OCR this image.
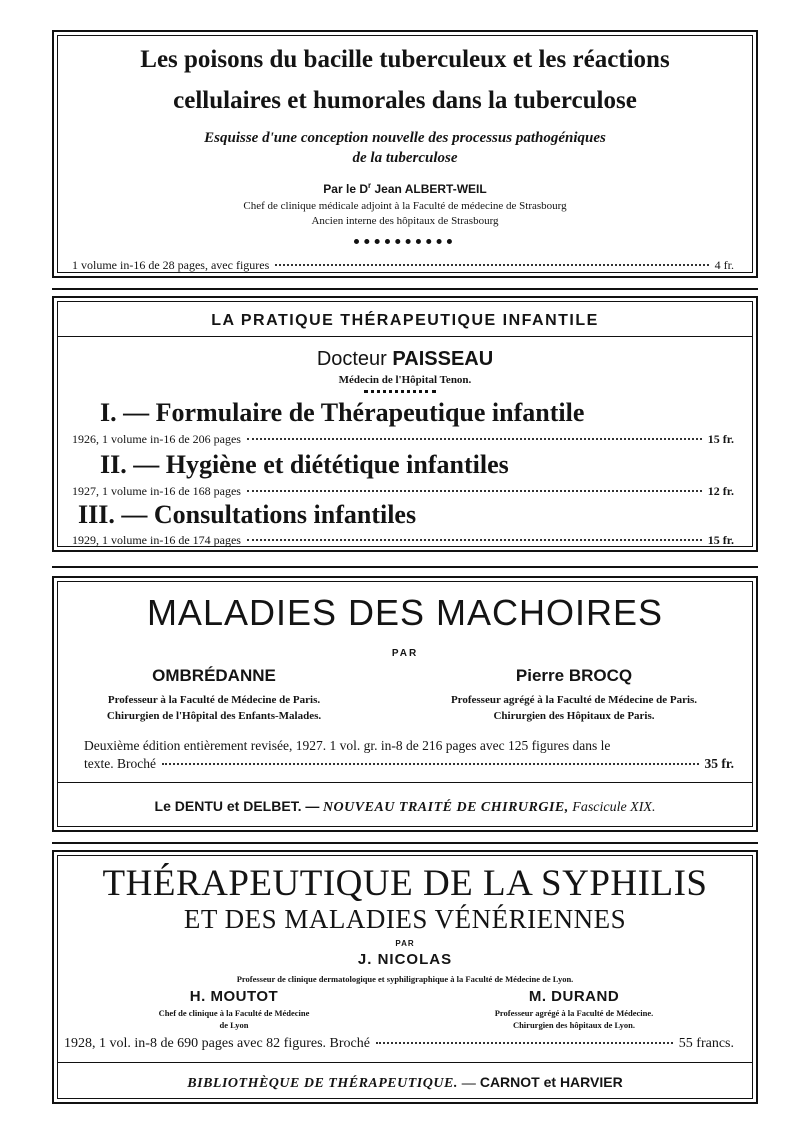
Les poisons du bacille tuberculeux et les réactions
cellulaires et humorales dans la tuberculose
Esquisse d'une conception nouvelle des processus pathogéniques
de la tuberculose
Par le $D^r$ Jean ALBERT-WEIL
Chef de clinique médicale adjoint à la Faculté de médecine de Strasbourg
Ancien interne des hôpitaux de Strasbourg
1 volume in-16 de 28 pages, avec figures	4 fr.
LA PRATIQUE THÉRAPEUTIQUE INFANTILE
Docteur PAISSEAU
Médecin de l'Hôpital Tenon.
I. — Formulaire de Thérapeutique infantile
1926, 1 volume in-16 de 206 pages	15 fr.
II. — Hygiène et diététique infantiles
1927, 1 volume in-16 de 168 pages	12 fr.
III. — Consultations infantiles
1929, 1 volume in-16 de 174 pages	15 fr.
MALADIES DES MACHOIRES
PAR
OMBRÉDANNE
Professeur à la Faculté de Médecine de Paris.
Chirurgien de l'Hôpital des Enfants-Malades.
Pierre BROCQ
Professeur agrégé à la Faculté de Médecine de Paris.
Chirurgien des Hôpitaux de Paris.
Deuxième édition entièrement revisée, 1927. 1 vol. gr. in-8 de 216 pages avec 125 figures dans le
texte. Broché	35 fr.
Le DENTU et DELBET. — NOUVEAU TRAITÉ DE CHIRURGIE, Fascicule XIX.
THÉRAPEUTIQUE DE LA SYPHILIS
ET DES MALADIES VÉNÉRIENNES
PAR
J. NICOLAS
Professeur de clinique dermatologique et syphiligraphique à la Faculté de Médecine de Lyon.
H. MOUTOT
Chef de clinique à la Faculté de Médecine
de Lyon
M. DURAND
Professeur agrégé à la Faculté de Médecine.
Chirurgien des hôpitaux de Lyon.
1928, 1 vol. in-8 de 690 pages avec 82 figures. Broché	55 francs.
BIBLIOTHÈQUE DE THÉRAPEUTIQUE. — CARNOT et HARVIER
